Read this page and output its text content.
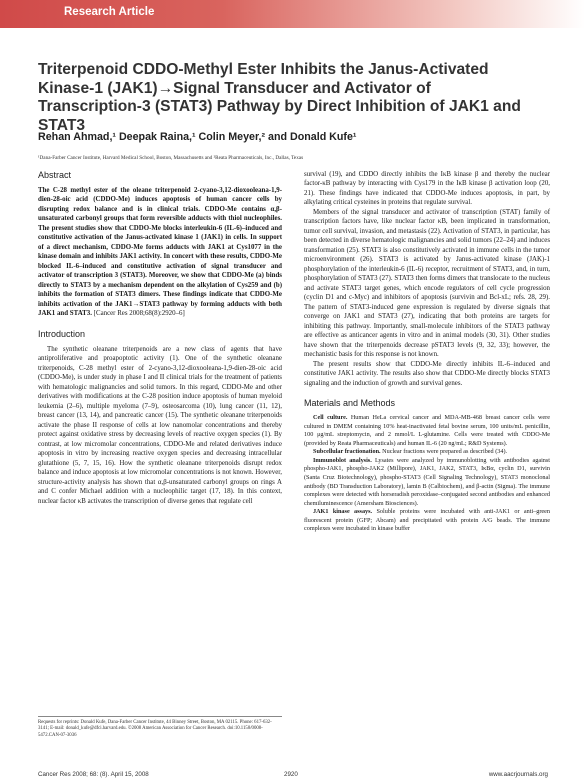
Research Article
Triterpenoid CDDO-Methyl Ester Inhibits the Janus-Activated Kinase-1 (JAK1)→Signal Transducer and Activator of Transcription-3 (STAT3) Pathway by Direct Inhibition of JAK1 and STAT3
Rehan Ahmad,¹ Deepak Raina,¹ Colin Meyer,² and Donald Kufe¹
¹Dana-Farber Cancer Institute, Harvard Medical School, Boston, Massachusetts and ²Reata Pharmaceuticals, Inc., Dallas, Texas
Abstract

The C-28 methyl ester of the oleane triterpenoid 2-cyano-3,12-dioxooleana-1,9-dien-28-oic acid (CDDO-Me) induces apoptosis of human cancer cells by disrupting redox balance and is in clinical trials. CDDO-Me contains α,β-unsaturated carbonyl groups that form reversible adducts with thiol nucleophiles. The present studies show that CDDO-Me blocks interleukin-6 (IL-6)–induced and constitutive activation of the Janus-activated kinase 1 (JAK1) in cells. In support of a direct mechanism, CDDO-Me forms adducts with JAK1 at Cys1077 in the kinase domain and inhibits JAK1 activity. In concert with these results, CDDO-Me blocked IL-6–induced and constitutive activation of signal transducer and activator of transcription 3 (STAT3). Moreover, we show that CDDO-Me (a) binds directly to STAT3 by a mechanism dependent on the alkylation of Cys259 and (b) inhibits the formation of STAT3 dimers. These findings indicate that CDDO-Me inhibits activation of the JAK1→STAT3 pathway by forming adducts with both JAK1 and STAT3. [Cancer Res 2008;68(8):2920–6]

Introduction

The synthetic oleanane triterpenoids are a new class of agents that have antiproliferative and proapoptotic activity (1). One of the synthetic oleanane triterpenoids, C-28 methyl ester of 2-cyano-3,12-dioxooleana-1,9-dien-28-oic acid (CDDO-Me), is under study in phase I and II clinical trials for the treatment of patients with hematologic malignancies and solid tumors. In this regard, CDDO-Me and other derivatives with modifications at the C-28 position induce apoptosis of human myeloid leukemia (2–6), multiple myeloma (7–9), osteosarcoma (10), lung cancer (11, 12), breast cancer (13, 14), and pancreatic cancer (15). The synthetic oleanane triterpenoids activate the phase II response of cells at low nanomolar concentrations and thereby protect against oxidative stress by decreasing levels of reactive oxygen species (1). By contrast, at low micromolar concentrations, CDDO-Me and related derivatives induce apoptosis in vitro by increasing reactive oxygen species and decreasing intracellular glutathione (5, 7, 15, 16). How the synthetic oleanane triterpenoids disrupt redox balance and induce apoptosis at low micromolar concentrations is not known. However, structure-activity analysis has shown that α,β-unsaturated carbonyl groups on rings A and C confer Michael addition with a nucleophilic target (17, 18). In this context, nuclear factor κB activates the transcription of diverse genes that regulate cell

survival (19), and CDDO directly inhibits the IκB kinase β and thereby the nuclear factor-κB pathway by interacting with Cys179 in the IκB kinase β activation loop (20, 21). These findings have indicated that CDDO-Me induces apoptosis, in part, by alkylating critical cysteines in proteins that regulate survival.

Members of the signal transducer and activator of transcription (STAT) family of transcription factors have, like nuclear factor κB, been implicated in transformation, tumor cell survival, invasion, and metastasis (22). Activation of STAT3, in particular, has been detected in diverse hematologic malignancies and solid tumors (22–24) and induces transformation (25). STAT3 is also constitutively activated in immune cells in the tumor microenvironment (26). STAT3 is activated by Janus-activated kinase (JAK)-1 phosphorylation of the interleukin-6 (IL-6) receptor, recruitment of STAT3, and, in turn, phosphorylation of STAT3 (27). STAT3 then forms dimers that translocate to the nucleus and activate STAT3 target genes, which encode regulators of cell cycle progression (cyclin D1 and c-Myc) and inhibitors of apoptosis (survivin and Bcl-xL; refs. 28, 29). The pattern of STAT3-induced gene expression is regulated by diverse signals that converge on JAK1 and STAT3 (27), indicating that both proteins are targets for inhibiting this pathway. Importantly, small-molecule inhibitors of the STAT3 pathway are effective as anticancer agents in vitro and in animal models (30, 31). Other studies have shown that the triterpenoids decrease pSTAT3 levels (9, 32, 33); however, the mechanistic basis for this response is not known.

The present results show that CDDO-Me directly inhibits IL-6–induced and constitutive JAK1 activity. The results also show that CDDO-Me directly blocks STAT3 signaling and the induction of growth and survival genes.

Materials and Methods

Cell culture. Human HeLa cervical cancer and MDA-MB-468 breast cancer cells were cultured in DMEM containing 10% heat-inactivated fetal bovine serum, 100 units/mL penicillin, 100 μg/mL streptomycin, and 2 mmol/L L-glutamine. Cells were treated with CDDO-Me (provided by Reata Pharmaceuticals) and human IL-6 (20 ng/mL; R&D Systems).

Subcellular fractionation. Nuclear fractions were prepared as described (34).

Immunoblot analysis. Lysates were analyzed by immunoblotting with antibodies against phospho-JAK1, phospho-JAK2 (Millipore), JAK1, JAK2, STAT3, IκBα, cyclin D1, survivin (Santa Cruz Biotechnology), phospho-STAT3 (Cell Signaling Technology), STAT3 monoclonal antibody (BD Transduction Laboratory), lamin B (Calbiochem), and β-actin (Sigma). The immune complexes were detected with horseradish peroxidase–conjugated second antibodies and enhanced chemiluminescence (Amersham Biosciences).

JAK1 kinase assays. Soluble proteins were incubated with anti-JAK1 or anti–green fluorescent protein (GFP; Abcam) and precipitated with protein A/G beads. The immune complexes were incubated in kinase buffer

Requests for reprints: Donald Kufe, Dana-Farber Cancer Institute, 44 Binney Street, Boston, MA 02115. Phone: 617-632-3141; E-mail: donald_kufe@dfci.harvard.edu. ©2008 American Association for Cancer Research. doi:10.1158/0008-5472.CAN-07-3036
Cancer Res 2008; 68: (8). April 15, 2008	2920	www.aacrjournals.org
